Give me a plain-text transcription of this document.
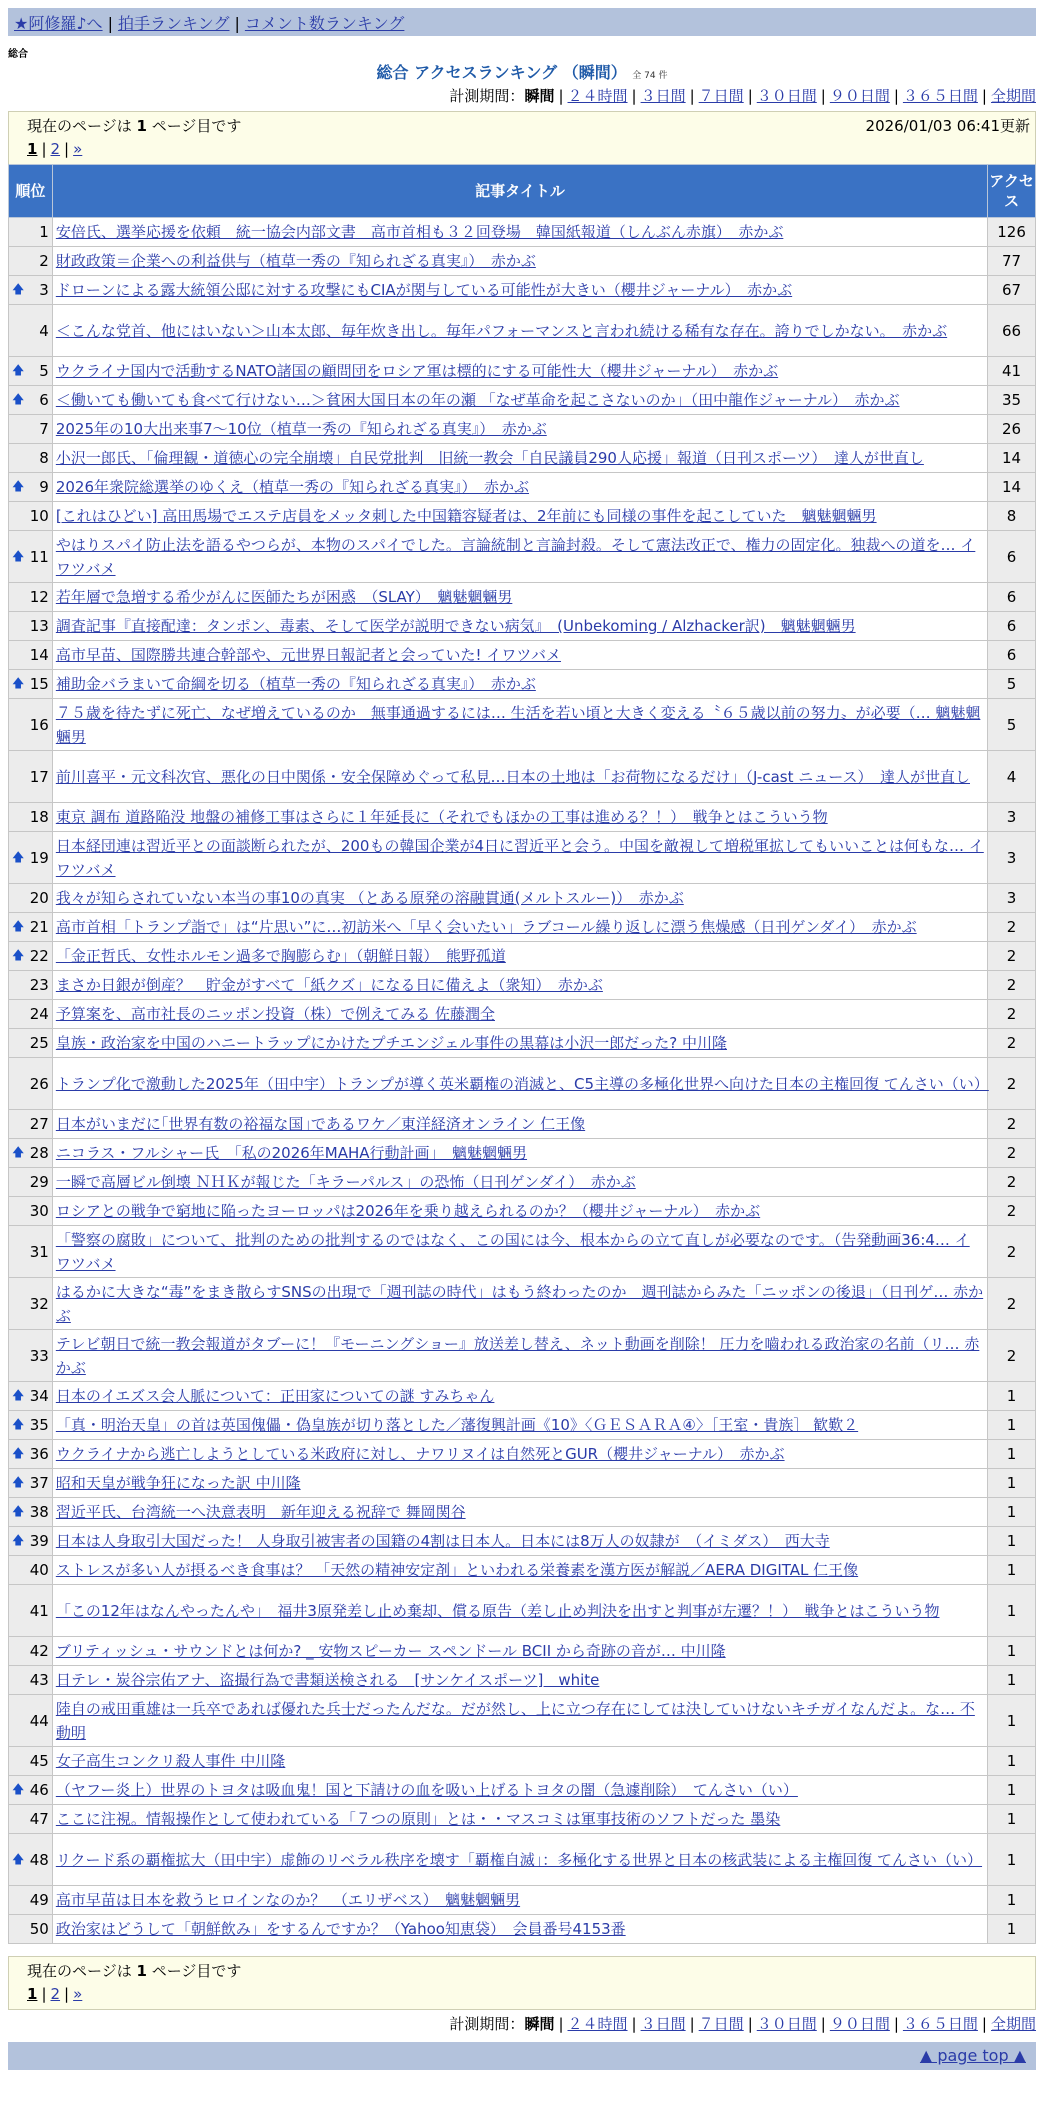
★阿修羅♪へ | 拍手ランキング | コメント数ランキング
総合
総合 アクセスランキング （瞬間） 全 74 件
計測期間：瞬間 | ２４時間 | ３日間 | ７日間 | ３０日間 | ９０日間 | ３６５日間 | 全期間
現在のページは 1 ページ目です
1 | 2 | »
2026/01/03 06:41更新
順位	記事タイトル	アクセス
1	安倍氏、選挙応援を依頼　統一協会内部文書　高市首相も３２回登場　韓国紙報道（しんぶん赤旗）　赤かぶ	126
2	財政政策＝企業への利益供与（植草一秀の『知られざる真実』）　赤かぶ	77

🡅 3	ドローンによる露大統領公邸に対する攻撃にもCIAが関与している可能性が大きい（櫻井ジャーナル）　赤かぶ	67
4	＜こんな党首、他にはいない＞山本太郎、毎年炊き出し。毎年パフォーマンスと言われ続ける稀有な存在。誇りでしかない。　赤かぶ	66

🡅 5	ウクライナ国内で活動するNATO諸国の顧問団をロシア軍は標的にする可能性大（櫻井ジャーナル）　赤かぶ	41

🡅 6	＜働いても働いても食べて行けない…＞貧困大国日本の年の瀬 「なぜ革命を起こさないのか」（田中龍作ジャーナル）　赤かぶ	35
7	2025年の10大出来事7～10位（植草一秀の『知られざる真実』）　赤かぶ	26
8	小沢一郎氏、「倫理観・道徳心の完全崩壊」自民党批判　旧統一教会「自民議員290人応援」報道（日刊スポーツ）　達人が世直し	14

🡅 9	2026年衆院総選挙のゆくえ（植草一秀の『知られざる真実』）　赤かぶ	14
10	[これはひどい] 高田馬場でエステ店員をメッタ刺した中国籍容疑者は、2年前にも同様の事件を起こしていた　魑魅魍魎男	8

🡅 11	やはりスパイ防止法を語るやつらが、本物のスパイでした。言論統制と言論封殺。そして憲法改正で、権力の固定化。独裁への道を… イワツバメ	6
12	若年層で急増する希少がんに医師たちが困惑　（SLAY）　魑魅魍魎男	6
13	調査記事『直接配達：タンポン、毒素、そして医学が説明できない病気』　(Unbekoming / Alzhacker訳)　魑魅魍魎男	6
14	高市早苗、国際勝共連合幹部や、元世界日報記者と会っていた! イワツバメ	6

🡅 15	補助金バラまいて命綱を切る（植草一秀の『知られざる真実』）　赤かぶ	5
16	７５歳を待たずに死亡、なぜ増えているのか　無事通過するには… 生活を若い頃と大きく変える〝６５歳以前の努力〟が必要（… 魑魅魍魎男	5
17	前川喜平・元文科次官、悪化の日中関係・安全保障めぐって私見…日本の土地は「お荷物になるだけ」（J-cast ニュース）　達人が世直し	4
18	東京 調布 道路陥没 地盤の補修工事はさらに１年延長に（それでもほかの工事は進める？！）　戦争とはこういう物	3

🡅 19	日本経団連は習近平との面談断られたが、200もの韓国企業が4日に習近平と会う。中国を敵視して増税軍拡してもいいことは何もな… イワツバメ	3
20	我々が知らされていない本当の事10の真実 （とある原発の溶融貫通(メルトスルー)）　赤かぶ	3

🡅 21	高市首相「トランプ詣で」は“片思い”に…初訪米へ「早く会いたい」ラブコール繰り返しに漂う焦燥感（日刊ゲンダイ）　赤かぶ	2

🡅 22	「金正哲氏、女性ホルモン過多で胸膨らむ」（朝鮮日報）　熊野孤道	2
23	まさか日銀が倒産？　貯金がすべて「紙クズ」になる日に備えよ（衆知）　赤かぶ	2
24	予算案を、高市社長のニッポン投資（株）で例えてみる 佐藤潤全	2
25	皇族・政治家を中国のハニートラップにかけたプチエンジェル事件の黒幕は小沢一郎だった? 中川隆	2
26	トランプ化で激動した2025年（田中宇）トランプが導く英米覇権の消滅と、C5主導の多極化世界へ向けた日本の主権回復 てんさい（い）	2
27	日本がいまだに｢世界有数の裕福な国｣であるワケ／東洋経済オンライン 仁王像	2

🡅 28	ニコラス・フルシャー氏　「私の2026年MAHA行動計画」　魑魅魍魎男	2
29	一瞬で高層ビル倒壊 ＮＨＫが報じた「キラーパルス」の恐怖（日刊ゲンダイ）　赤かぶ	2
30	ロシアとの戦争で窮地に陥ったヨーロッパは2026年を乗り越えられるのか？（櫻井ジャーナル）　赤かぶ	2
31	「警察の腐敗」について、批判のための批判するのではなく、この国には今、根本からの立て直しが必要なのです。（告発動画36:4… イワツバメ	2
32	はるかに大きな“毒”をまき散らすSNSの出現で「週刊誌の時代」はもう終わったのか　週刊誌からみた「ニッポンの後退」（日刊ゲ… 赤かぶ	2
33	テレビ朝日で統一教会報道がタブーに！『モーニングショー』放送差し替え、ネット動画を削除！ 圧力を嚙われる政治家の名前（リ… 赤かぶ	2

🡅 34	日本のイエズス会人脈について：正田家についての謎 すみちゃん	1

🡅 35	「真・明治天皇」の首は英国傀儡・偽皇族が切り落とした／藩復興計画《10》〈ＧＥＳＡＲＡ④〉［王室・貴族］ 歓歎２	1

🡅 36	ウクライナから逃亡しようとしている米政府に対し、ナワリヌイは自然死とGUR（櫻井ジャーナル）　赤かぶ	1

🡅 37	昭和天皇が戦争狂になった訳 中川隆	1

🡅 38	習近平氏、台湾統一へ決意表明　新年迎える祝辞で 舞岡関谷	1

🡅 39	日本は人身取引大国だった！ 人身取引被害者の国籍の4割は日本人。日本には8万人の奴隷が　（イミダス）　西大寺	1
40	ストレスが多い人が摂るべき食事は？ 「天然の精神安定剤」といわれる栄養素を漢方医が解説／AERA DIGITAL 仁王像	1
41	「この12年はなんやったんや」　福井3原発差し止め棄却、償る原告（差し止め判決を出すと判事が左遷？！）　戦争とはこういう物	1
42	ブリティッシュ・サウンドとは何か? _ 安物スピーカー スペンドール BCII から奇跡の音が… 中川隆	1
43	日テレ・炭谷宗佑アナ、盗撮行為で書類送検される　[サンケイスポーツ]　white	1
44	陸自の戒田重雄は一兵卒であれば優れた兵士だったんだな。だが然し、上に立つ存在にしては決していけないキチガイなんだよ。な… 不動明	1
45	女子高生コンクリ殺人事件 中川隆	1

🡅 46	（ヤフー炎上）世界のトヨタは吸血鬼！国と下請けの血を吸い上げるトヨタの闇（急遽削除）　てんさい（い）	1
47	ここに注視。情報操作として使われている「７つの原則」とは・・マスコミは軍事技術のソフトだった 墨染	1

🡅 48	リクード系の覇権拡大（田中宇）虚飾のリベラル秩序を壊す「覇権自滅」：多極化する世界と日本の核武装による主権回復 てんさい（い）	1
49	高市早苗は日本を救うヒロインなのか？　（エリザベス）　魑魅魍魎男	1
50	政治家はどうして「朝鮮飲み」をするんですか？（Yahoo知恵袋）　会員番号4153番	1
現在のページは 1 ページ目です
1 | 2 | »
計測期間：瞬間 | ２４時間 | ３日間 | ７日間 | ３０日間 | ９０日間 | ３６５日間 | 全期間
▲ page top ▲
